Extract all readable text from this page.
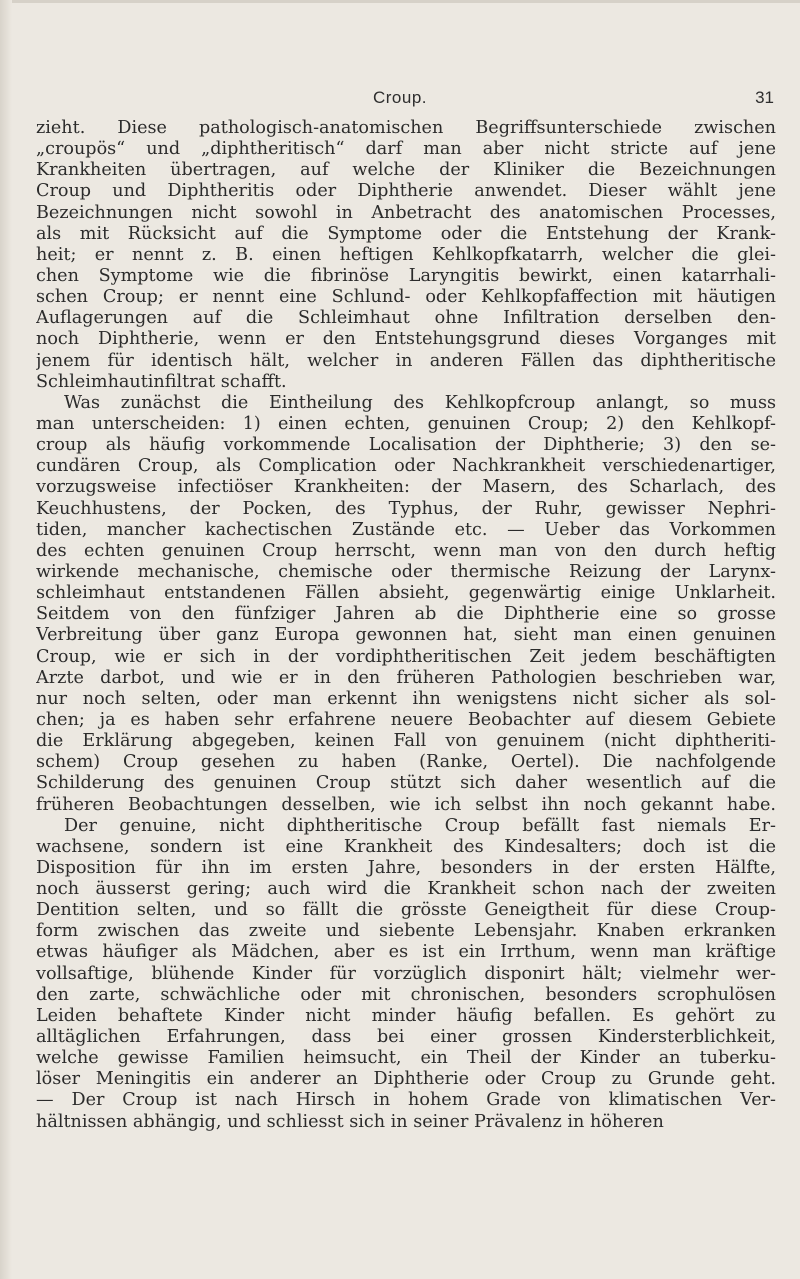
Croup.	31
zieht. Diese pathologisch-anatomischen Begriffsunterschiede zwischen
„croupös“ und „diphtheritisch“ darf man aber nicht stricte auf jene
Krankheiten übertragen, auf welche der Kliniker die Bezeichnungen
Croup und Diphtheritis oder Diphtherie anwendet. Dieser wählt jene
Bezeichnungen nicht sowohl in Anbetracht des anatomischen Processes,
als mit Rücksicht auf die Symptome oder die Entstehung der Krank-
heit; er nennt z. B. einen heftigen Kehlkopfkatarrh, welcher die glei-
chen Symptome wie die fibrinöse Laryngitis bewirkt, einen katarrhali-
schen Croup; er nennt eine Schlund- oder Kehlkopfaffection mit häutigen
Auflagerungen auf die Schleimhaut ohne Infiltration derselben den-
noch Diphtherie, wenn er den Entstehungsgrund dieses Vorganges mit
jenem für identisch hält, welcher in anderen Fällen das diphtheritische
Schleimhautinfiltrat schafft.
Was zunächst die Eintheilung des Kehlkopfcroup anlangt, so muss
man unterscheiden: 1) einen echten, genuinen Croup; 2) den Kehlkopf-
croup als häufig vorkommende Localisation der Diphtherie; 3) den se-
cundären Croup, als Complication oder Nachkrankheit verschiedenartiger,
vorzugsweise infectiöser Krankheiten: der Masern, des Scharlach, des
Keuchhustens, der Pocken, des Typhus, der Ruhr, gewisser Nephri-
tiden, mancher kachectischen Zustände etc. — Ueber das Vorkommen
des echten genuinen Croup herrscht, wenn man von den durch heftig
wirkende mechanische, chemische oder thermische Reizung der Larynx-
schleimhaut entstandenen Fällen absieht, gegenwärtig einige Unklarheit.
Seitdem von den fünfziger Jahren ab die Diphtherie eine so grosse
Verbreitung über ganz Europa gewonnen hat, sieht man einen genuinen
Croup, wie er sich in der vordiphtheritischen Zeit jedem beschäftigten
Arzte darbot, und wie er in den früheren Pathologien beschrieben war,
nur noch selten, oder man erkennt ihn wenigstens nicht sicher als sol-
chen; ja es haben sehr erfahrene neuere Beobachter auf diesem Gebiete
die Erklärung abgegeben, keinen Fall von genuinem (nicht diphtheriti-
schem) Croup gesehen zu haben (Ranke, Oertel). Die nachfolgende
Schilderung des genuinen Croup stützt sich daher wesentlich auf die
früheren Beobachtungen desselben, wie ich selbst ihn noch gekannt habe.
Der genuine, nicht diphtheritische Croup befällt fast niemals Er-
wachsene, sondern ist eine Krankheit des Kindesalters; doch ist die
Disposition für ihn im ersten Jahre, besonders in der ersten Hälfte,
noch äusserst gering; auch wird die Krankheit schon nach der zweiten
Dentition selten, und so fällt die grösste Geneigtheit für diese Croup-
form zwischen das zweite und siebente Lebensjahr. Knaben erkranken
etwas häufiger als Mädchen, aber es ist ein Irrthum, wenn man kräftige
vollsaftige, blühende Kinder für vorzüglich disponirt hält; vielmehr wer-
den zarte, schwächliche oder mit chronischen, besonders scrophulösen
Leiden behaftete Kinder nicht minder häufig befallen. Es gehört zu
alltäglichen Erfahrungen, dass bei einer grossen Kindersterblichkeit,
welche gewisse Familien heimsucht, ein Theil der Kinder an tuberku-
löser Meningitis ein anderer an Diphtherie oder Croup zu Grunde geht.
— Der Croup ist nach Hirsch in hohem Grade von klimatischen Ver-
hältnissen abhängig, und schliesst sich in seiner Prävalenz in höheren
